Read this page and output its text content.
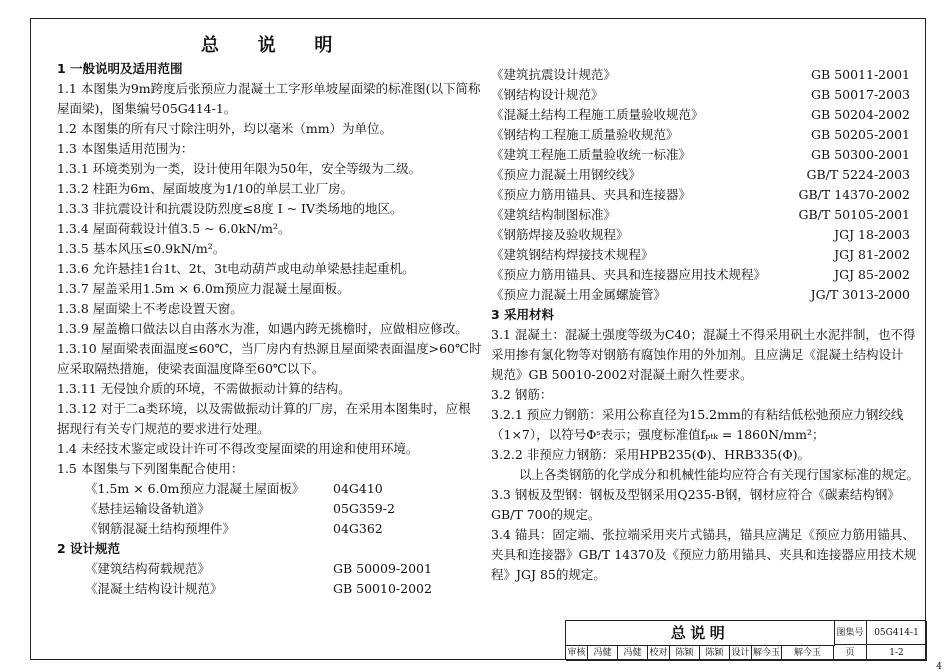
总 说 明
1 一般说明及适用范围
1.1 本图集为9m跨度后张预应力混凝土工字形单坡屋面梁的标准图(以下简称
屋面梁)，图集编号05G414-1。
1.2 本图集的所有尺寸除注明外，均以毫米（mm）为单位。
1.3 本图集适用范围为：
1.3.1 环境类别为一类，设计使用年限为50年，安全等级为二级。
1.3.2 柱距为6m、屋面坡度为1/10的单层工业厂房。
1.3.3 非抗震设计和抗震设防烈度≤8度 I ~ IV类场地的地区。
1.3.4 屋面荷载设计值3.5 ~ 6.0kN/m²。
1.3.5 基本风压≤0.9kN/m²。
1.3.6 允许悬挂1台1t、2t、3t电动葫芦或电动单梁悬挂起重机。
1.3.7 屋盖采用1.5m × 6.0m预应力混凝土屋面板。
1.3.8 屋面梁上不考虑设置天窗。
1.3.9 屋盖檐口做法以自由落水为准，如遇内跨无挑檐时，应做相应修改。
1.3.10 屋面梁表面温度≤60℃，当厂房内有热源且屋面梁表面温度>60℃时
应采取隔热措施，使梁表面温度降至60℃以下。
1.3.11 无侵蚀介质的环境，不需做振动计算的结构。
1.3.12 对于二a类环境，以及需做振动计算的厂房，在采用本图集时，应根
据现行有关专门规范的要求进行处理。
1.4 未经技术鉴定或设计许可不得改变屋面梁的用途和使用环境。
1.5 本图集与下列图集配合使用：
《1.5m × 6.0m预应力混凝土屋面板》	04G410
《悬挂运输设备轨道》	05G359-2
《钢筋混凝土结构预埋件》	04G362
2 设计规范
《建筑结构荷载规范》	GB 50009-2001
《混凝土结构设计规范》	GB 50010-2002
《建筑抗震设计规范》	GB 50011-2001
《钢结构设计规范》	GB 50017-2003
《混凝土结构工程施工质量验收规范》	GB 50204-2002
《钢结构工程施工质量验收规范》	GB 50205-2001
《建筑工程施工质量验收统一标准》	GB 50300-2001
《预应力混凝土用钢绞线》	GB/T 5224-2003
《预应力筋用锚具、夹具和连接器》	GB/T 14370-2002
《建筑结构制图标准》	GB/T 50105-2001
《钢筋焊接及验收规程》	JGJ 18-2003
《建筑钢结构焊接技术规程》	JGJ 81-2002
《预应力筋用锚具、夹具和连接器应用技术规程》	JGJ 85-2002
《预应力混凝土用金属螺旋管》	JG/T 3013-2000
3 采用材料
3.1 混凝土：混凝土强度等级为C40；混凝土不得采用矾土水泥拌制，也不得
采用掺有氯化物等对钢筋有腐蚀作用的外加剂。且应满足《混凝土结构设计
规范》GB 50010-2002对混凝土耐久性要求。
3.2 钢筋：
3.2.1 预应力钢筋：采用公称直径为15.2mm的有粘结低松弛预应力钢绞线
（1×7），以符号Φˢ表示；强度标准值fₚₜₖ = 1860N/mm²；
3.2.2 非预应力钢筋：采用HPB235(Φ)、HRB335(Φ)。
以上各类钢筋的化学成分和机械性能均应符合有关现行国家标准的规定。
3.3 钢板及型钢：钢板及型钢采用Q235-B钢，钢材应符合《碳素结构钢》
GB/T 700的规定。
3.4 锚具：固定端、张拉端采用夹片式锚具，锚具应满足《预应力筋用锚具、
夹具和连接器》GB/T 14370及《预应力筋用锚具、夹具和连接器应用技术规
程》JGJ 85的规定。
总说明	图集号	05G414-1
页	1-2
审核 冯健	冯健 校对 陈颖	陈颖 设计 解今玉	解今玉
4
